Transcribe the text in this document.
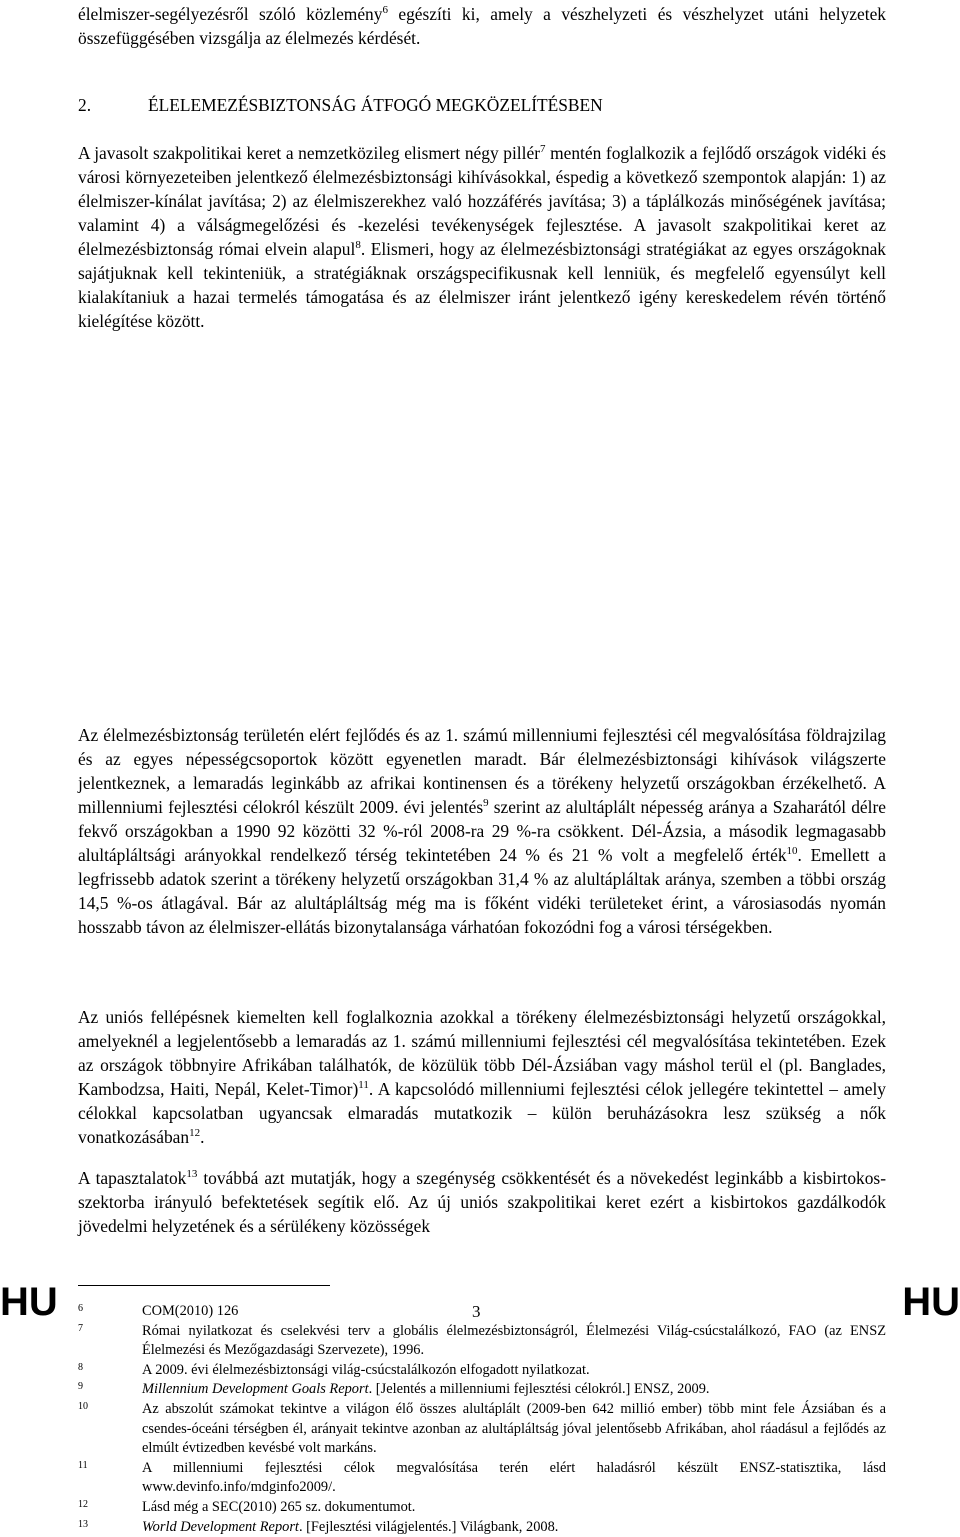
élelmiszer-segélyezésről szóló közlemény$^6$ egészíti ki, amely a vészhelyzeti és vészhelyzet utáni helyzetek összefüggésében vizsgálja az élelmezés kérdését.

2.	ÉLELEMEZÉSBIZTONSÁG ÁTFOGÓ MEGKÖZELÍTÉSBEN

A javasolt szakpolitikai keret a nemzetközileg elismert négy pillér$^7$ mentén foglalkozik a fejlődő országok vidéki és városi környezeteiben jelentkező élelmezésbiztonsági kihívásokkal, éspedig a következő szempontok alapján: 1) az élelmiszer-kínálat javítása; 2) az élelmiszerekhez való hozzáférés javítása; 3) a táplálkozás minőségének javítása; valamint 4) a válságmegelőzési és -kezelési tevékenységek fejlesztése. A javasolt szakpolitikai keret az élelmezésbiztonság római elvein alapul$^8$. Elismeri, hogy az élelmezésbiztonsági stratégiákat az egyes országoknak sajátjuknak kell tekinteniük, a stratégiáknak országspecifikusnak kell lenniük, és megfelelő egyensúlyt kell kialakítaniuk a hazai termelés támogatása és az élelmiszer iránt jelentkező igény kereskedelem révén történő kielégítése között.

Az élelmezésbiztonság területén elért fejlődés és az 1. számú millenniumi fejlesztési cél megvalósítása földrajzilag és az egyes népességcsoportok között egyenetlen maradt. Bár élelmezésbiztonsági kihívások világszerte jelentkeznek, a lemaradás leginkább az afrikai kontinensen és a törékeny helyzetű országokban érzékelhető. A millenniumi fejlesztési célokról készült 2009. évi jelentés$^9$ szerint az alultáplált népesség aránya a Szaharától délre fekvő országokban a 1990 92 közötti 32 %-ról 2008-ra 29 %-ra csökkent. Dél-Ázsia, a második legmagasabb alultápláltsági arányokkal rendelkező térség tekintetében 24 % és 21 % volt a megfelelő érték$^{10}$. Emellett a legfrissebb adatok szerint a törékeny helyzetű országokban 31,4 % az alultápláltak aránya, szemben a többi ország 14,5 %-os átlagával. Bár az alultápláltság még ma is főként vidéki területeket érint, a városiasodás nyomán hosszabb távon az élelmiszer-ellátás bizonytalansága várhatóan fokozódni fog a városi térségekben.

Az uniós fellépésnek kiemelten kell foglalkoznia azokkal a törékeny élelmezésbiztonsági helyzetű országokkal, amelyeknél a legjelentősebb a lemaradás az 1. számú millenniumi fejlesztési cél megvalósítása tekintetében. Ezek az országok többnyire Afrikában találhatók, de közülük több Dél-Ázsiában vagy máshol terül el (pl. Banglades, Kambodzsa, Haiti, Nepál, Kelet-Timor)$^{11}$. A kapcsolódó millenniumi fejlesztési célok jellegére tekintettel – amely célokkal kapcsolatban ugyancsak elmaradás mutatkozik – külön beruházásokra lesz szükség a nők vonatkozásában$^{12}$.

A tapasztalatok$^{13}$ továbbá azt mutatják, hogy a szegénység csökkentését és a növekedést leginkább a kisbirtokos-szektorba irányuló befektetések segítik elő. Az új uniós szakpolitikai keret ezért a kisbirtokos gazdálkodók jövedelmi helyzetének és a sérülékeny közösségek

6	COM(2010) 126
7	Római nyilatkozat és cselekvési terv a globális élelmezésbiztonságról, Élelmezési Világ-csúcstalálkozó, FAO (az ENSZ Élelmezési és Mezőgazdasági Szervezete), 1996.
8	A 2009. évi élelmezésbiztonsági világ-csúcstalálkozón elfogadott nyilatkozat.
9	Millennium Development Goals Report. [Jelentés a millenniumi fejlesztési célokról.] ENSZ, 2009.
10	Az abszolút számokat tekintve a világon élő összes alultáplált (2009-ben 642 millió ember) több mint fele Ázsiában és a csendes-óceáni térségben él, arányait tekintve azonban az alultápláltság jóval jelentősebb Afrikában, ahol ráadásul a fejlődés az elmúlt évtizedben kevésbé volt markáns.
11	A millenniumi fejlesztési célok megvalósítása terén elért haladásról készült ENSZ-statisztika, lásd www.devinfo.info/mdginfo2009/.
12	Lásd még a SEC(2010) 265 sz. dokumentumot.
13	World Development Report. [Fejlesztési világjelentés.] Világbank, 2008.
HU	3	HU
